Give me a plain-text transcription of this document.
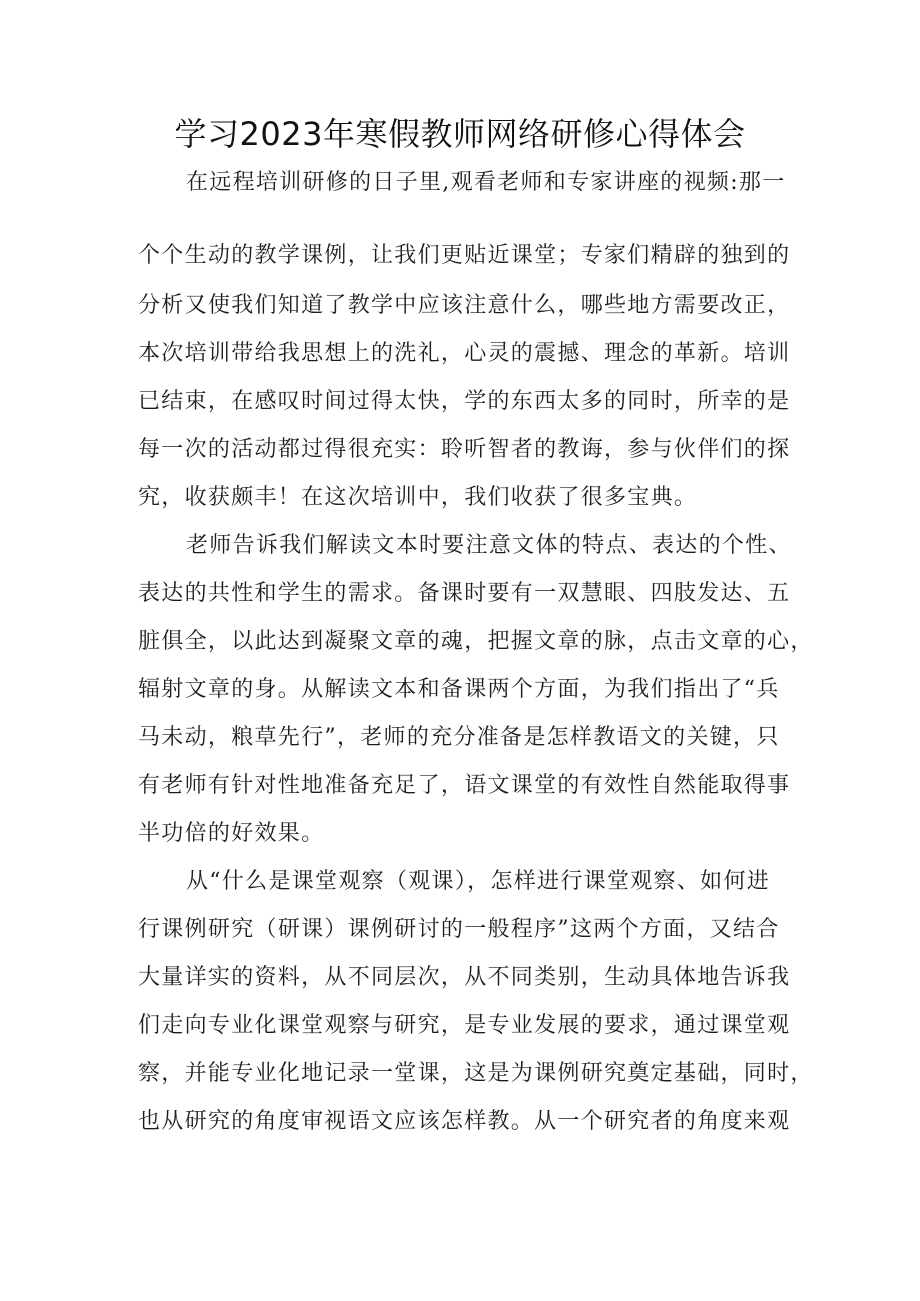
学习2023年寒假教师网络研修心得体会
在远程培训研修的日子里,观看老师和专家讲座的视频:那一
个个生动的教学课例，让我们更贴近课堂；专家们精辟的独到的
分析又使我们知道了教学中应该注意什么，哪些地方需要改正，
本次培训带给我思想上的洗礼，心灵的震撼、理念的革新。培训
已结束，在感叹时间过得太快，学的东西太多的同时，所幸的是
每一次的活动都过得很充实：聆听智者的教诲，参与伙伴们的探
究，收获颇丰！在这次培训中，我们收获了很多宝典。
老师告诉我们解读文本时要注意文体的特点、表达的个性、
表达的共性和学生的需求。备课时要有一双慧眼、四肢发达、五
脏俱全，以此达到凝聚文章的魂，把握文章的脉，点击文章的心，
辐射文章的身。从解读文本和备课两个方面，为我们指出了“兵
马未动，粮草先行”，老师的充分准备是怎样教语文的关键，只
有老师有针对性地准备充足了，语文课堂的有效性自然能取得事
半功倍的好效果。
从“什么是课堂观察（观课），怎样进行课堂观察、如何进
行课例研究（研课）课例研讨的一般程序”这两个方面，又结合
大量详实的资料，从不同层次，从不同类别，生动具体地告诉我
们走向专业化课堂观察与研究，是专业发展的要求，通过课堂观
察，并能专业化地记录一堂课，这是为课例研究奠定基础，同时，
也从研究的角度审视语文应该怎样教。从一个研究者的角度来观
